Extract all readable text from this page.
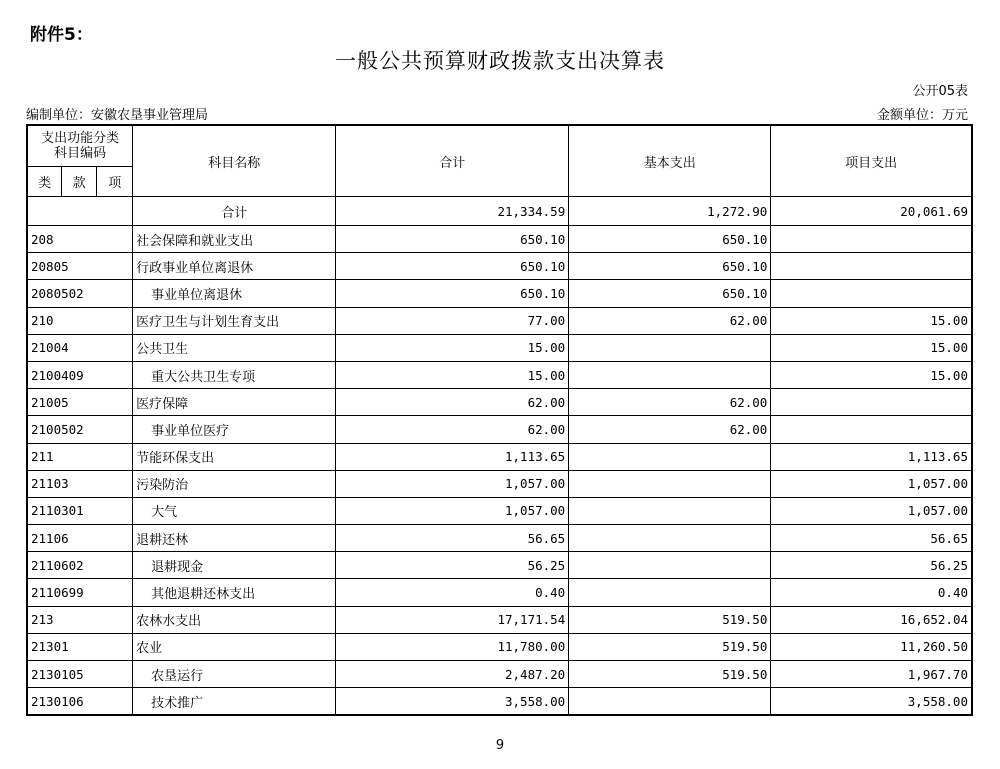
附件5：
一般公共预算财政拨款支出决算表
公开05表
编制单位：安徽农垦事业管理局	金额单位：万元
支出功能分类
科目编码			科目名称	合计	基本支出	项目支出
类	款	项				
			合计	21,334.59	1,272.90	20,061.69
208			社会保障和就业支出	650.10	650.10	
20805			行政事业单位离退休	650.10	650.10	
2080502			事业单位离退休	650.10	650.10	
210			医疗卫生与计划生育支出	77.00	62.00	15.00
21004			公共卫生	15.00		15.00
2100409			重大公共卫生专项	15.00		15.00
21005			医疗保障	62.00	62.00	
2100502			事业单位医疗	62.00	62.00	
211			节能环保支出	1,113.65		1,113.65
21103			污染防治	1,057.00		1,057.00
2110301			大气	1,057.00		1,057.00
21106			退耕还林	56.65		56.65
2110602			退耕现金	56.25		56.25
2110699			其他退耕还林支出	0.40		0.40
213			农林水支出	17,171.54	519.50	16,652.04
21301			农业	11,780.00	519.50	11,260.50
2130105			农垦运行	2,487.20	519.50	1,967.70
2130106			技术推广	3,558.00		3,558.00
9
